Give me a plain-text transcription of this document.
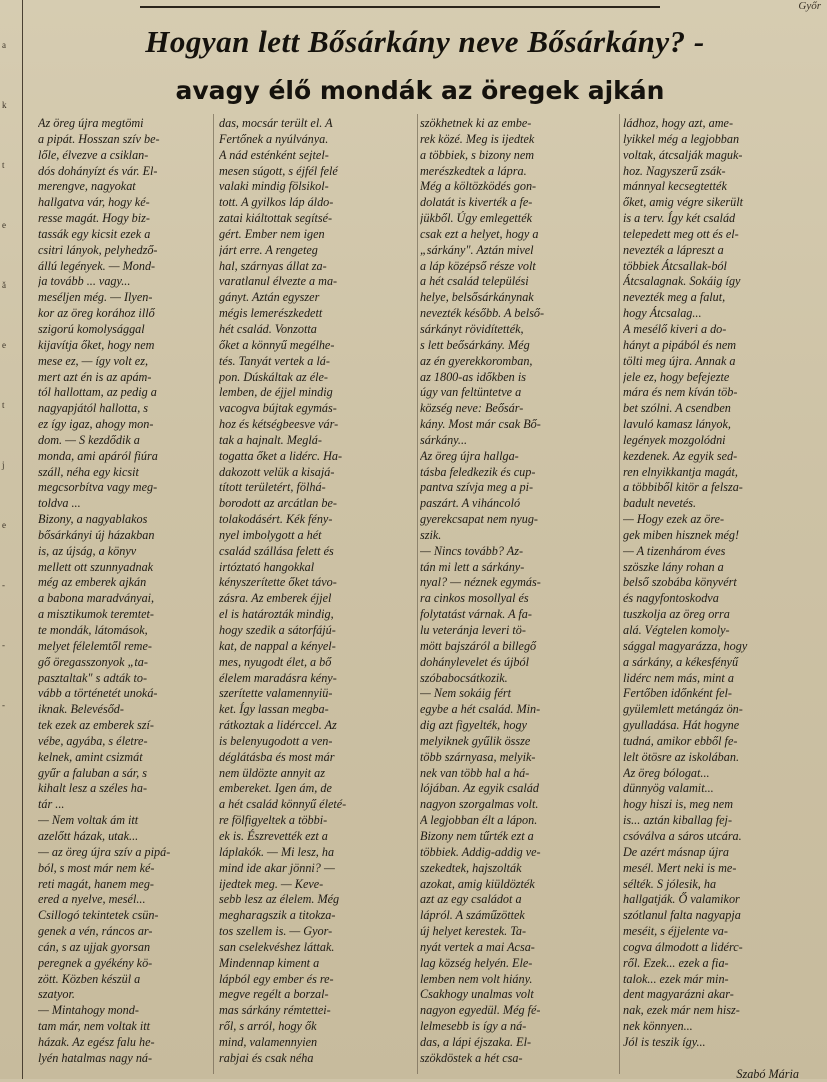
a
k
t
e
ă
e
t
j
e
-
-
-
Győr
Hogyan lett Bősárkány neve Bősárkány? -
avagy élő mondák az öregek ajkán
Az öreg újra megtömi
a pipát. Hosszan szív be-
lőle, élvezve a csiklan-
dós dohányízt és vár. El-
merengve, nagyokat
hallgatva vár, hogy ké-
resse magát. Hogy biz-
tassák egy kicsit ezek a
csitri lányok, pelyhedző-
állú legények. — Mond-
ja tovább ... vagy...
meséljen még. — Ilyen-
kor az öreg korához illő
szigorú komolysággal
kijavítja őket, hogy nem
mese ez, — így volt ez,
mert azt én is az apám-
tól hallottam, az pedig a
nagyapjától hallotta, s
ez így igaz, ahogy mon-
dom. — S kezdődik a
monda, ami apáról fiúra
száll, néha egy kicsit
megcsorbítva vagy meg-
toldva ...
Bizony, a nagyablakos
bősárkányi új házakban
is, az újság, a könyv
mellett ott szunnyadnak
még az emberek ajkán
a babona maradványai,
a misztikumok teremtet-
te mondák, látomások,
melyet félelemtől reme-
gő öregasszonyok „ta-
pasztaltak" s adták to-
vább a történetét unoká-
iknak. Belevésőd-
tek ezek az emberek szí-
vébe, agyába, s életre-
kelnek, amint csizmát
gyűr a faluban a sár, s
kihalt lesz a széles ha-
tár ...
— Nem voltak ám itt
azelőtt házak, utak...
— az öreg újra szív a pipá-
ból, s most már nem ké-
reti magát, hanem meg-
ered a nyelve, mesél...
Csillogó tekintetek csün-
genek a vén, ráncos ar-
cán, s az ujjak gyorsan
peregnek a gyékény kö-
zött. Közben készül a
szatyor.
— Mintahogy mond-
tam már, nem voltak itt
házak. Az egész falu he-
lyén hatalmas nagy ná-
das, mocsár terült el. A
Fertőnek a nyúlványa.
A nád esténként sejtel-
mesen súgott, s éjfél felé
valaki mindig fölsikol-
tott. A gyilkos láp áldo-
zatai kiáltottak segítsé-
gért. Ember nem igen
járt erre. A rengeteg
hal, szárnyas állat za-
varatlanul élvezte a ma-
gányt. Aztán egyszer
mégis lemerészkedett
hét család. Vonzotta
őket a könnyű megélhe-
tés. Tanyát vertek a lá-
pon. Dúskáltak az éle-
lemben, de éjjel mindig
vacogva bújtak egymás-
hoz és kétségbeesve vár-
tak a hajnalt. Meglá-
togatta őket a lidérc. Ha-
dakozott velük a kisajá-
tított területért, fölhá-
borodott az arcátlan be-
tolakodásért. Kék fény-
nyel imbolygott a hét
család szállása felett és
irtóztató hangokkal
kényszerítette őket távo-
zásra. Az emberek éjjel
el is határozták mindig,
hogy szedik a sátorfájú-
kat, de nappal a kényel-
mes, nyugodt élet, a bő
élelem maradásra kény-
szerítette valamennyiü-
ket. Így lassan megba-
rátkoztak a lidérccel. Az
is belenyugodott a ven-
déglátásba és most már
nem üldözte annyit az
embereket. Igen ám, de
a hét család könnyű életé-
re fölfigyeltek a többi-
ek is. Észrevették ezt a
láplakók. — Mi lesz, ha
mind ide akar jönni? —
ijedtek meg. — Keve-
sebb lesz az élelem. Még
megharagszik a titokza-
tos szellem is. — Gyor-
san cselekvéshez láttak.
Mindennap kiment a
lápból egy ember és re-
megve regélt a borzal-
mas sárkány rémtettei-
ről, s arról, hogy ők
mind, valamennyien
rabjai és csak néha
szökhetnek ki az embe-
rek közé. Meg is ijedtek
a többiek, s bizony nem
merészkedtek a lápra.
Még a költözködés gon-
dolatát is kiverték a fe-
jükből. Úgy emlegették
csak ezt a helyet, hogy a
„sárkány". Aztán mivel
a láp középső része volt
a hét család települési
helye, belsősárkánynak
nevezték később. A belső-
sárkányt rövidítették,
s lett beősárkány. Még
az én gyerekkoromban,
az 1800-as időkben is
úgy van feltüntetve a
község neve: Beősár-
kány. Most már csak Bő-
sárkány...
Az öreg újra hallga-
tásba feledkezik és cup-
pantva szívja meg a pi-
paszárt. A viháncoló
gyerekcsapat nem nyug-
szik.
— Nincs tovább? Az-
tán mi lett a sárkány-
nyal? — néznek egymás-
ra cinkos mosollyal és
folytatást várnak. A fa-
lu veteránja leveri tö-
mött bajszáról a billegő
dohánylevelet és újból
szóbabocsátkozik.
— Nem sokáig fért
egybe a hét család. Min-
dig azt figyelték, hogy
melyiknek gyűlik össze
több szárnyasa, melyik-
nek van több hal a há-
lójában. Az egyik család
nagyon szorgalmas volt.
A legjobban élt a lápon.
Bizony nem tűrték ezt a
többiek. Addig-addig ve-
szekedtek, hajszolták
azokat, amig kiüldözték
azt az egy családot a
lápról. A száműzöttek
új helyet kerestek. Ta-
nyát vertek a mai Acsa-
lag község helyén. Ele-
lemben nem volt hiány.
Csakhogy unalmas volt
nagyon egyedül. Még fé-
lelmesebb is így a ná-
das, a lápi éjszaka. El-
szökdöstek a hét csa-
ládhoz, hogy azt, ame-
lyikkel még a legjobban
voltak, átcsalják maguk-
hoz. Nagyszerű zsák-
mánnyal kecsegtették
őket, amig végre sikerült
is a terv. Így két család
telepedett meg ott és el-
nevezték a lápreszt a
többiek Átcsallak-ból
Átcsalagnak. Sokáig így
nevezték meg a falut,
hogy Átcsalag...
A mesélő kiveri a do-
hányt a pipából és nem
tölti meg újra. Annak a
jele ez, hogy befejezte
mára és nem kíván töb-
bet szólni. A csendben
lavuló kamasz lányok,
legények mozgolódni
kezdenek. Az egyik sed-
ren elnyikkantja magát,
a többiből kitör a felsza-
badult nevetés.
— Hogy ezek az öre-
gek miben hisznek még!
— A tizenhárom éves
szöszke lány rohan a
belső szobába könyvért
és nagyfontoskodva
tuszkolja az öreg orra
alá. Végtelen komoly-
sággal magyarázza, hogy
a sárkány, a kékesfényű
lidérc nem más, mint a
Fertőben időnként fel-
gyülemlett metángáz ön-
gyulladása. Hát hogyne
tudná, amikor ebből fe-
lelt ötösre az iskolában.
Az öreg bólogat...
dünnyög valamit...
hogy hiszi is, meg nem
is... aztán kiballag fej-
csóválva a sáros utcára.
De azért másnap újra
mesél. Mert neki is me-
sélték. S jólesik, ha
hallgatják. Ő valamikor
szótlanul falta nagyapja
meséit, s éjjelente va-
cogva álmodott a lidérc-
ről. Ezek... ezek a fia-
talok... ezek már min-
dent magyarázni akar-
nak, ezek már nem hisz-
nek könnyen...
Jól is teszik így...
Szabó Mária
